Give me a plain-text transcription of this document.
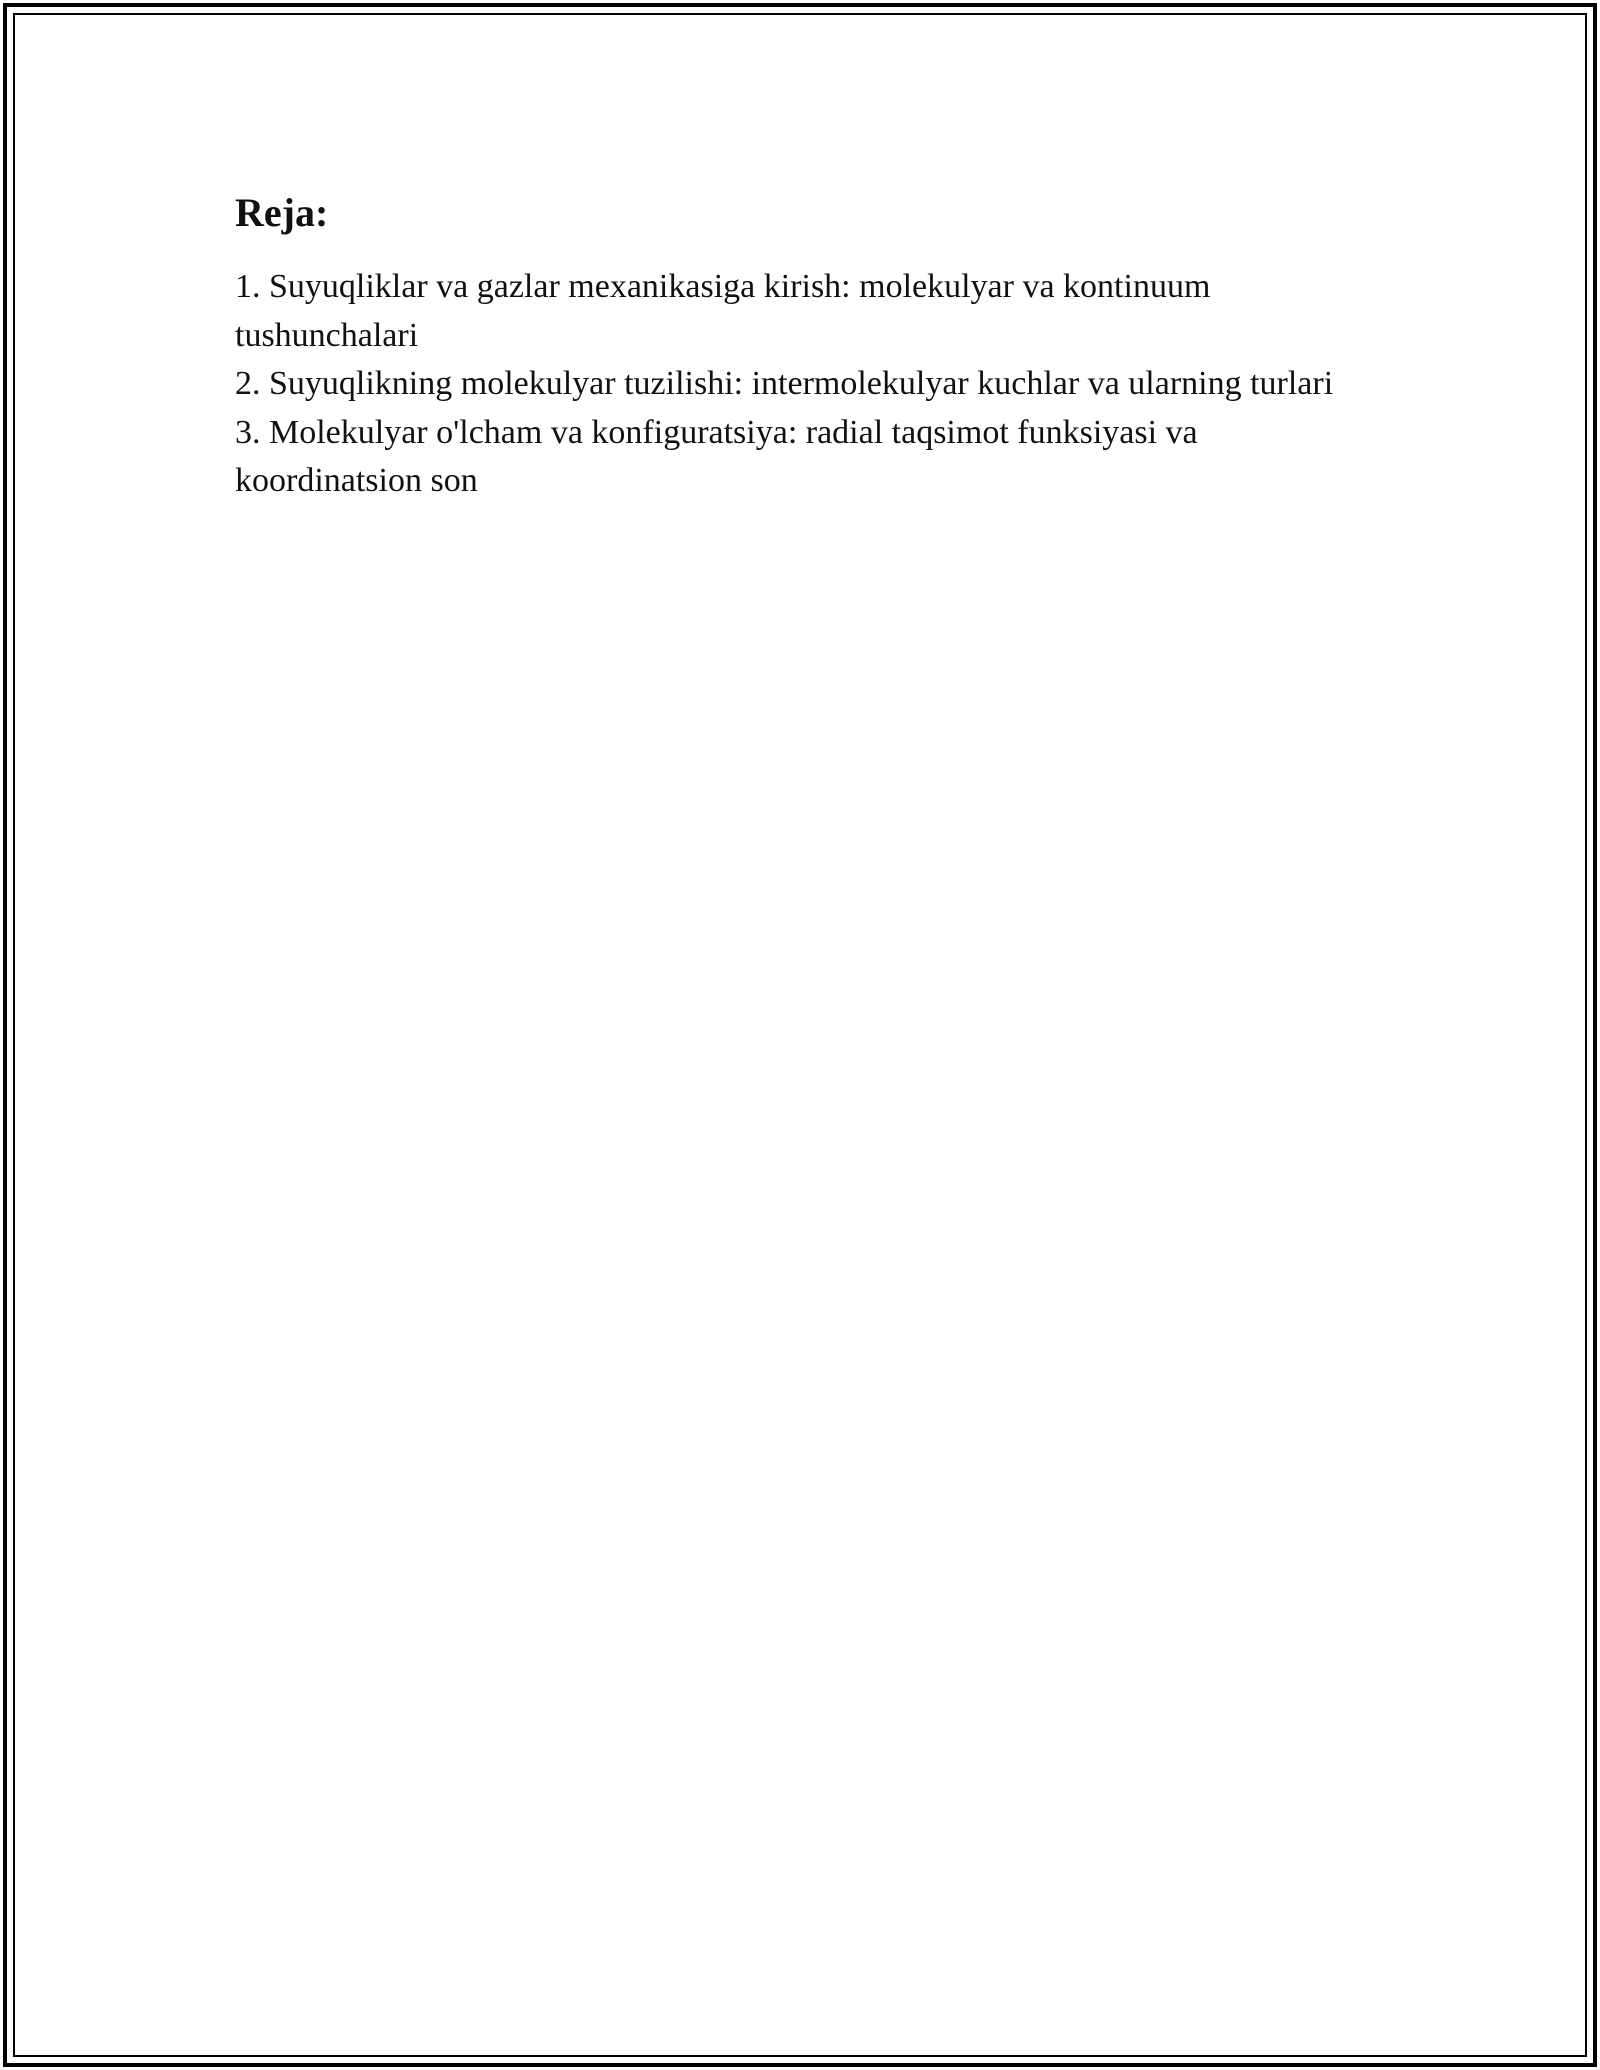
Reja:
1. Suyuqliklar va gazlar mexanikasiga kirish: molekulyar va kontinuum tushunchalari
2. Suyuqlikning molekulyar tuzilishi: intermolekulyar kuchlar va ularning turlari
3. Molekulyar o'lcham va konfiguratsiya: radial taqsimot funksiyasi va koordinatsion son
